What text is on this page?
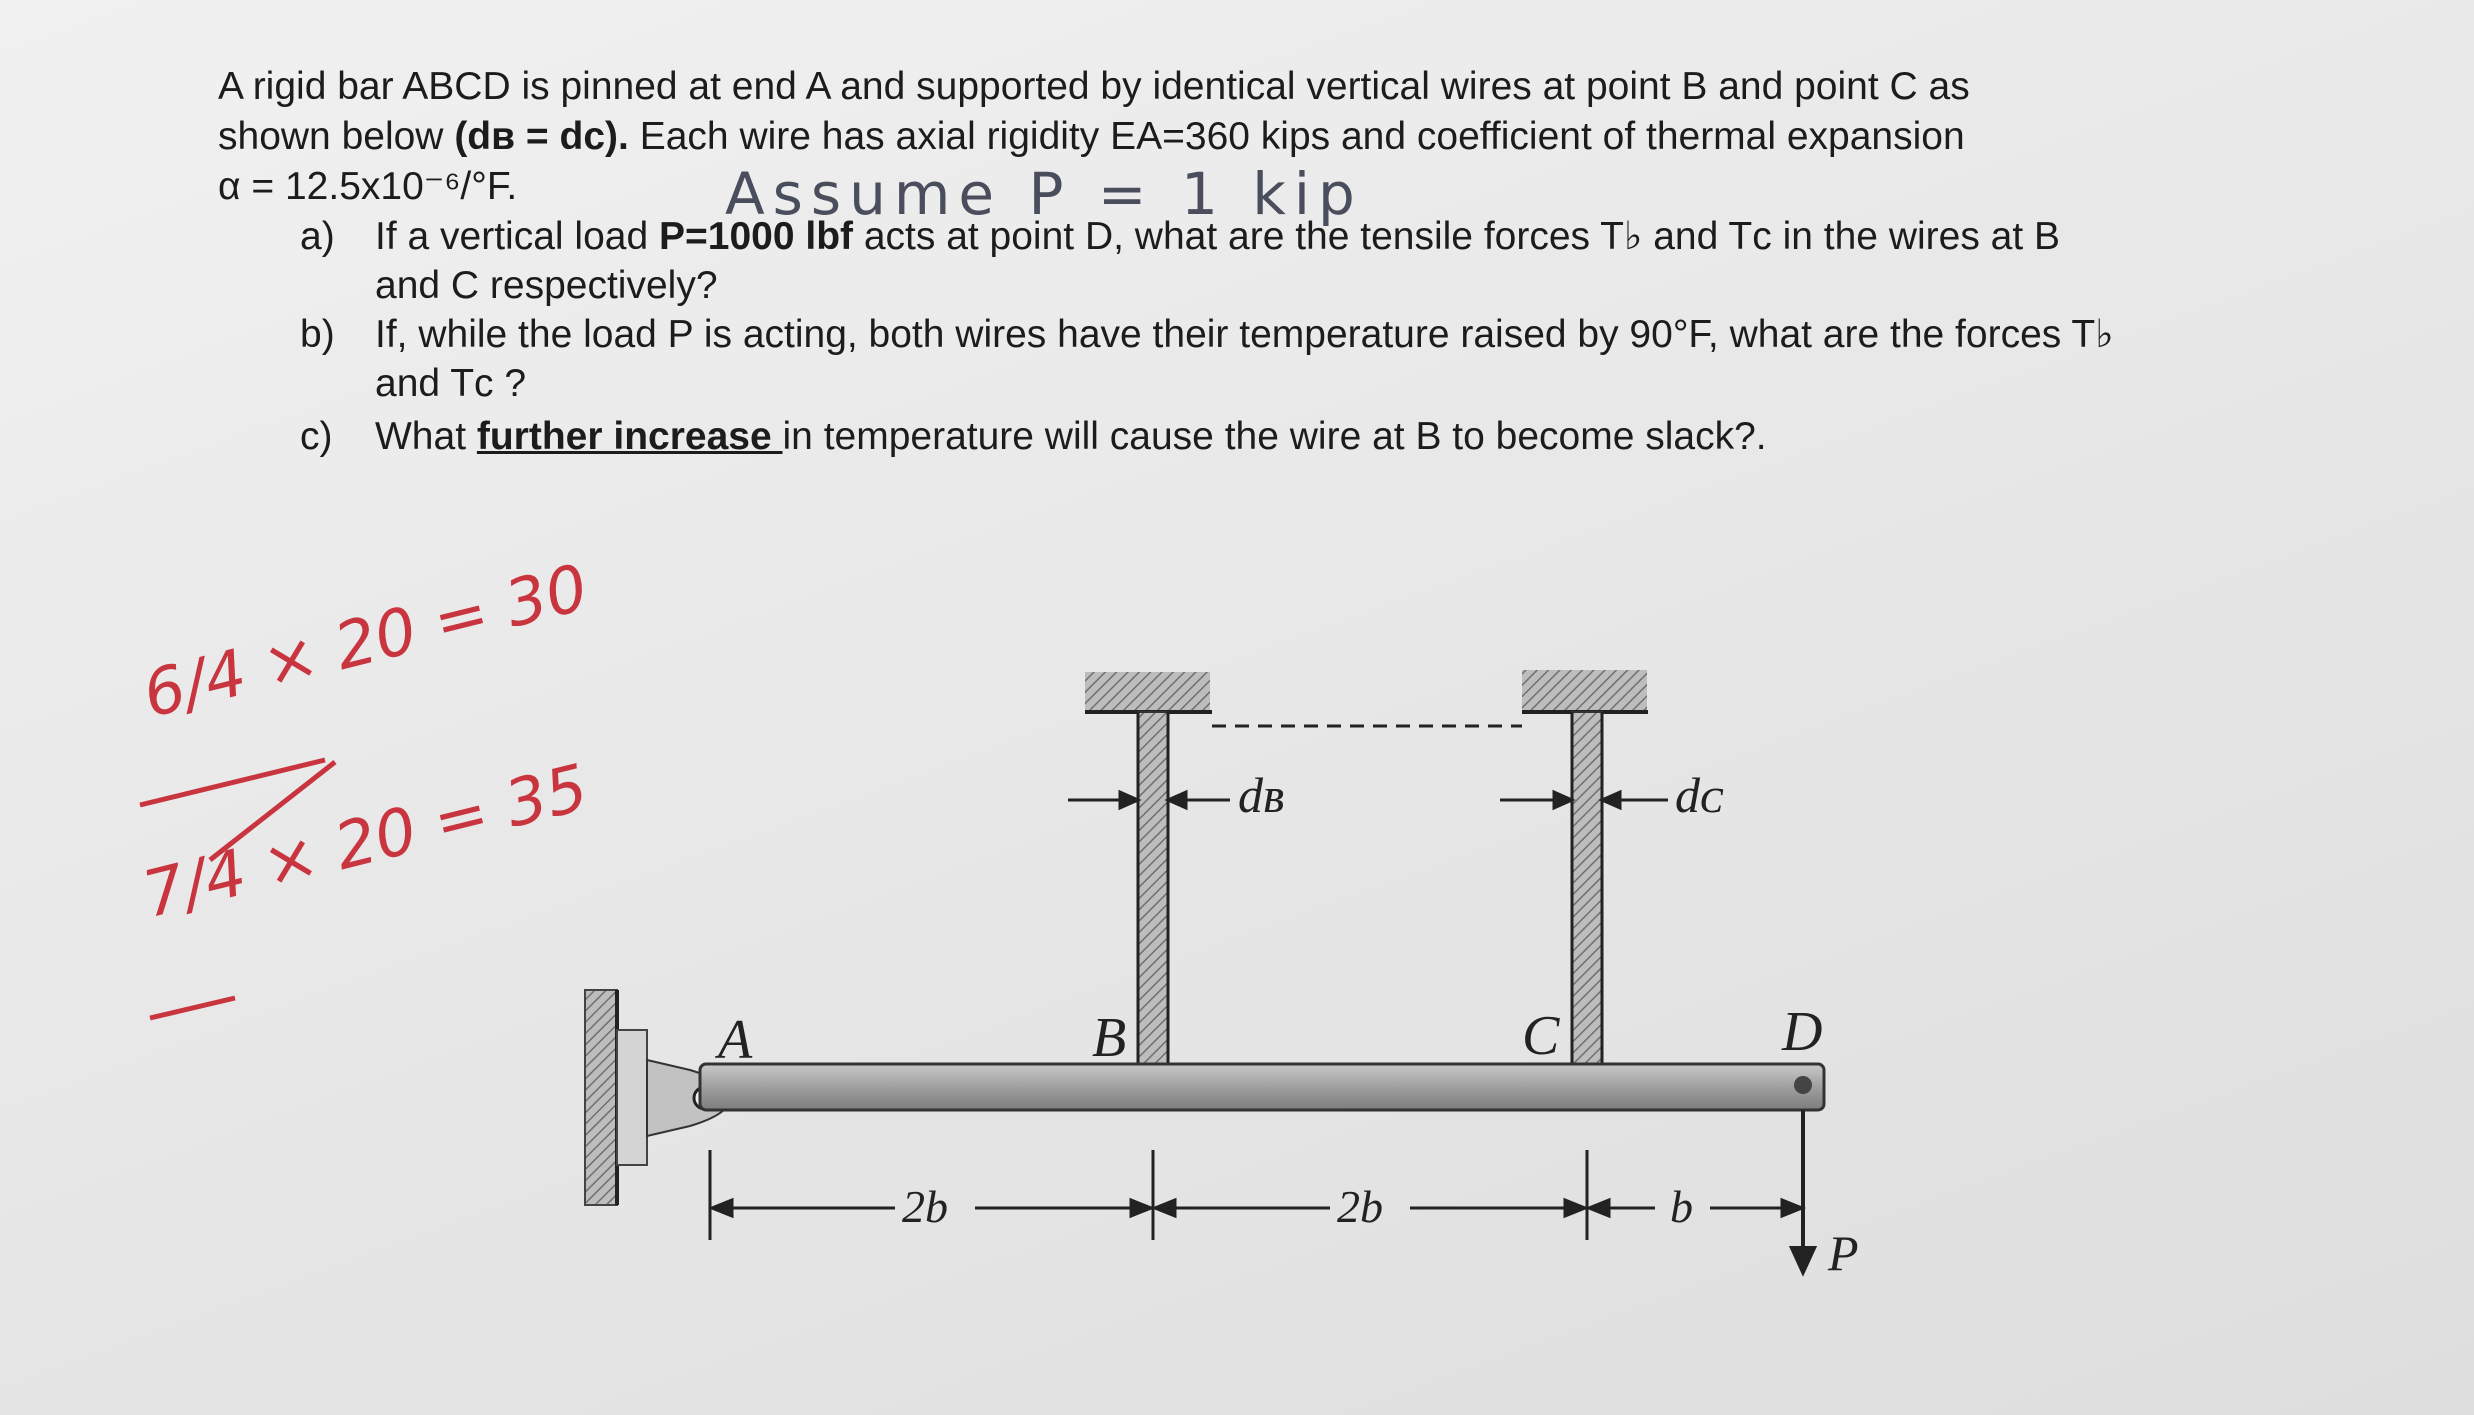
A rigid bar ABCD is pinned at end A and supported by identical vertical wires at point B and point C as
shown below (dʙ = dᴄ). Each wire has axial rigidity EA=360 kips and coefficient of thermal expansion
α = 12.5x10⁻⁶/°F.
a) If a vertical load P=1000 lbf acts at point D, what are the tensile forces T♭ and Tᴄ in the wires at B
and C respectively?
b) If, while the load P is acting, both wires have their temperature raised by 90°F, what are the forces T♭
and Tᴄ ?
c) What further increase in temperature will cause the wire at B to become slack?.
Assume P = 1 kip
6/4 × 20 = 30
7/4 × 20 = 35	dʙ	dᴄ
A	B	C	D
2b	2b	b
P
